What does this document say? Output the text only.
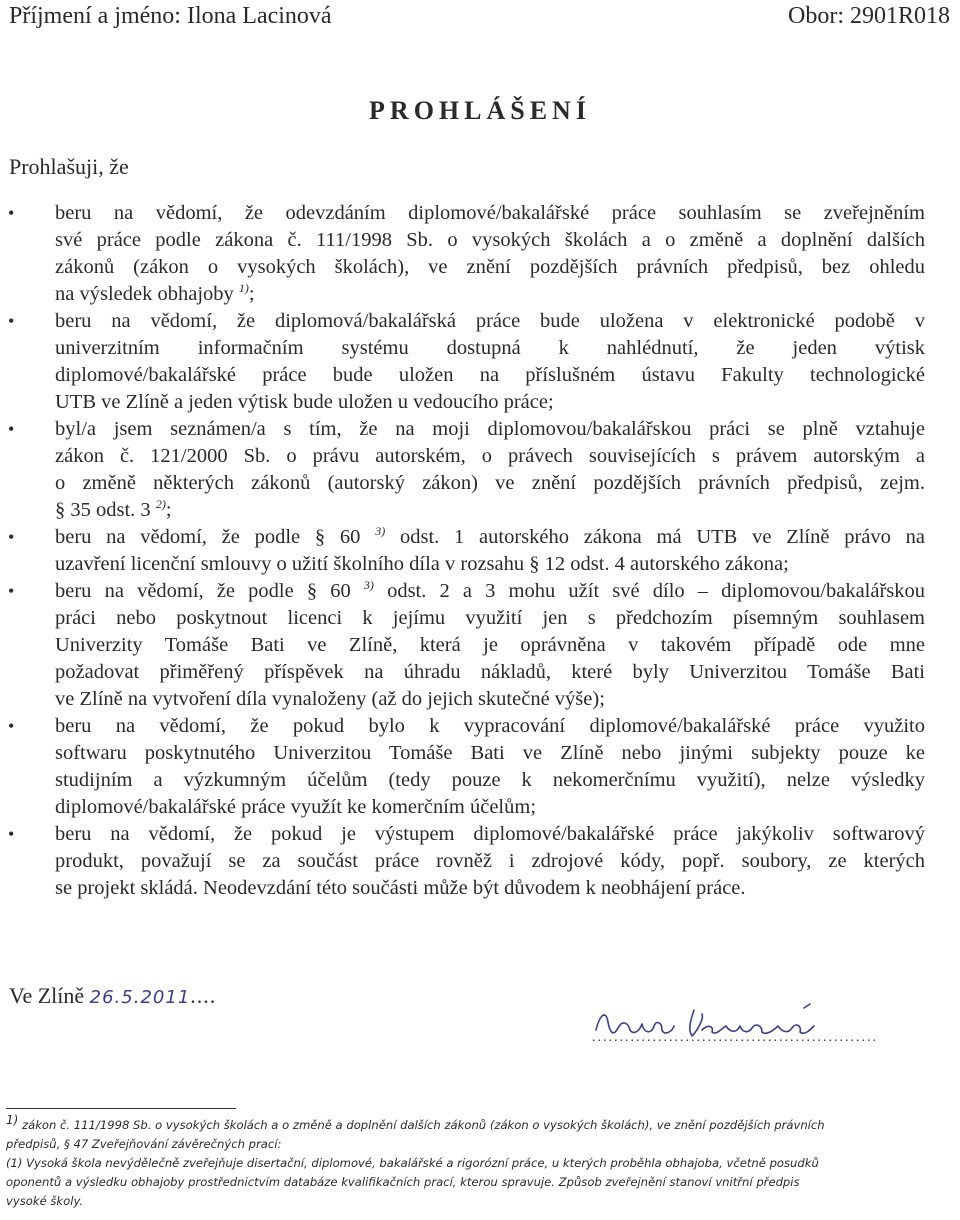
Příjmení a jméno: Ilona Lacinová	Obor: 2901R018
PROHLÁŠENÍ
Prohlašuji, že
• beru na vědomí, že odevzdáním diplomové/bakalářské práce souhlasím se zveřejněním
své práce podle zákona č. 111/1998 Sb. o vysokých školách a o změně a doplnění dalších
zákonů (zákon o vysokých školách), ve znění pozdějších právních předpisů, bez ohledu
na výsledek obhajoby $^{1)}$;
• beru na vědomí, že diplomová/bakalářská práce bude uložena v elektronické podobě v
univerzitním informačním systému dostupná k nahlédnutí, že jeden výtisk
diplomové/bakalářské práce bude uložen na příslušném ústavu Fakulty technologické
UTB ve Zlíně a jeden výtisk bude uložen u vedoucího práce;
• byl/a jsem seznámen/a s tím, že na moji diplomovou/bakalářskou práci se plně vztahuje
zákon č. 121/2000 Sb. o právu autorském, o právech souvisejících s právem autorským a
o změně některých zákonů (autorský zákon) ve znění pozdějších právních předpisů, zejm.
§ 35 odst. 3 $^{2)}$;
• beru na vědomí, že podle § 60 $^{3)}$ odst. 1 autorského zákona má UTB ve Zlíně právo na
uzavření licenční smlouvy o užití školního díla v rozsahu § 12 odst. 4 autorského zákona;
• beru na vědomí, že podle § 60 $^{3)}$ odst. 2 a 3 mohu užít své dílo – diplomovou/bakalářskou
práci nebo poskytnout licenci k jejímu využití jen s předchozím písemným souhlasem
Univerzity Tomáše Bati ve Zlíně, která je oprávněna v takovém případě ode mne
požadovat přiměřený příspěvek na úhradu nákladů, které byly Univerzitou Tomáše Bati
ve Zlíně na vytvoření díla vynaloženy (až do jejich skutečné výše);
• beru na vědomí, že pokud bylo k vypracování diplomové/bakalářské práce využito
softwaru poskytnutého Univerzitou Tomáše Bati ve Zlíně nebo jinými subjekty pouze ke
studijním a výzkumným účelům (tedy pouze k nekomerčnímu využití), nelze výsledky
diplomové/bakalářské práce využít ke komerčním účelům;
• beru na vědomí, že pokud je výstupem diplomové/bakalářské práce jakýkoliv softwarový
produkt, považují se za součást práce rovněž i zdrojové kódy, popř. soubory, ze kterých
se projekt skládá. Neodevzdání této součásti může být důvodem k neobhájení práce.
Ve Zlíně 26.5.2011....
....................................................
$^{1)}$ zákon č. 111/1998 Sb. o vysokých školách a o změně a doplnění dalších zákonů (zákon o vysokých školách), ve znění pozdějších právních
předpisů, § 47 Zveřejňování závěrečných prací:
(1) Vysoká škola nevýdělečně zveřejňuje disertační, diplomové, bakalářské a rigorózní práce, u kterých proběhla obhajoba, včetně posudků
oponentů a výsledku obhajoby prostřednictvím databáze kvalifikačních prací, kterou spravuje. Způsob zveřejnění stanoví vnitřní předpis
vysoké školy.
